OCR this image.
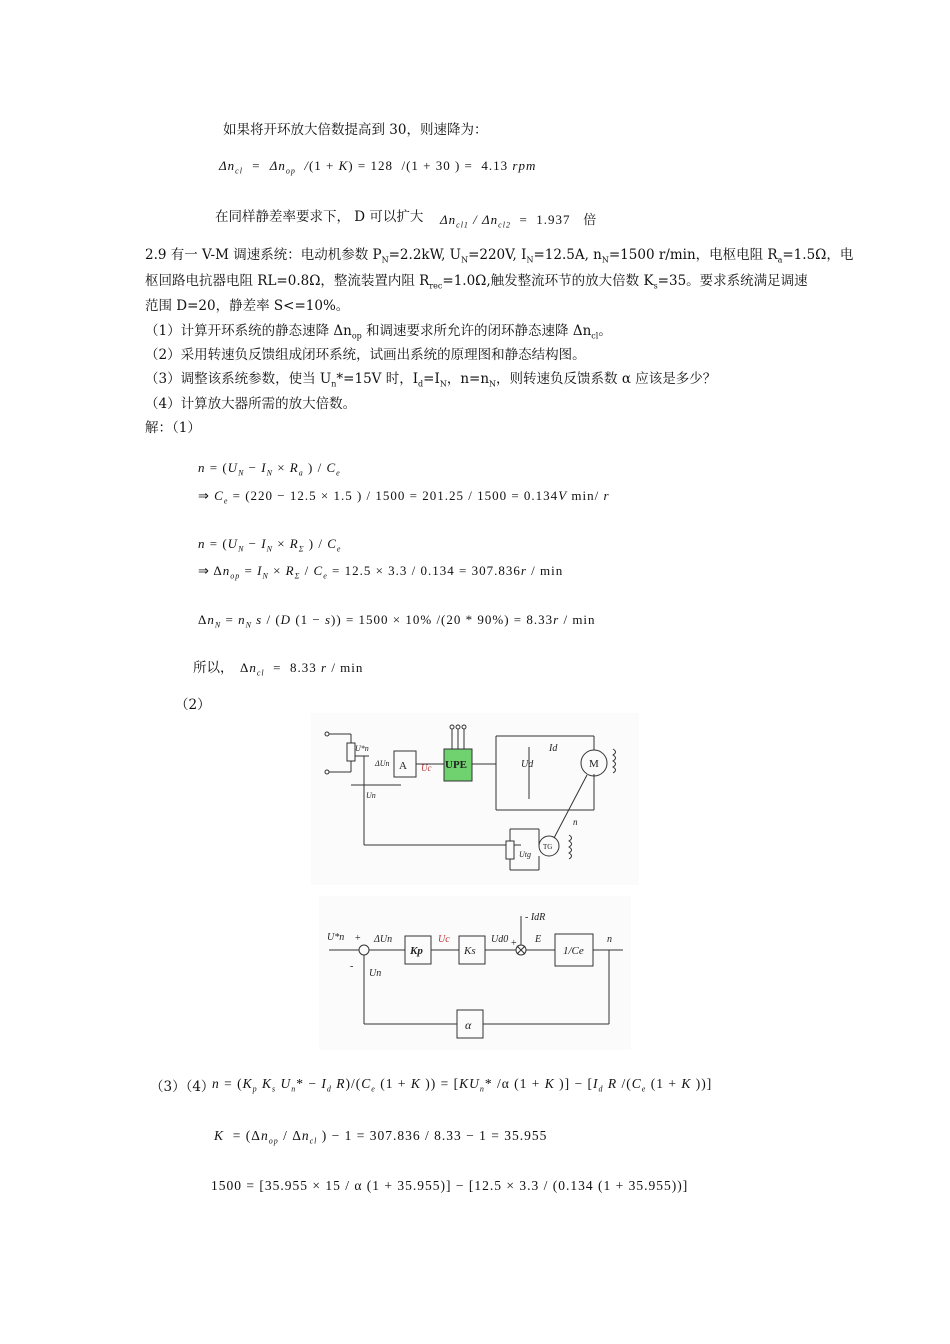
如果将开环放大倍数提高到 30，则速降为：
$\Delta n_{cl} = \Delta n_{op}$  /(1 + K) = 128  /(1 + 30 ) =  4.13 rpm
在同样静差率要求下， D 可以扩大 $\Delta n_{cl1} / \Delta n_{cl2} = 1.937$   倍
2.9 有一 V-M 调速系统：电动机参数 $P_N=2.2kW$, $U_N=220V$, $I_N=12.5A$, $n_N=1500$ r/min，电枢电阻 $R_a=1.5\Omega$，电
枢回路电抗器电阻 RL=0.8Ω，整流装置内阻 $R_{rec}=1.0\Omega$,触发整流环节的放大倍数 $K_s=35$。要求系统满足调速
范围 D=20，静差率 S<=10%。
（1）计算开环系统的静态速降 $\Delta n_{op}$ 和调速要求所允许的闭环静态速降 $\Delta n_{cl}$。
（2）采用转速负反馈组成闭环系统，试画出系统的原理图和静态结构图。
（3）调整该系统参数，使当 $U_n*=15V$ 时，$I_d=I_N$，$n=n_N$，则转速负反馈系数 α 应该是多少？
（4）计算放大器所需的放大倍数。
解：（1）
$n = (U_N - I_N \times R_a$ ) / $C_e$
⇒ $C_e = (220 - 12.5 \times 1.5$ ) / 1500 = 201.25 / 1500 = 0.134V min/ r
$n = (U_N - I_N \times R_\Sigma$ ) / $C_e$
⇒ $\Delta n_{op} = I_N \times R_\Sigma / C_e = 12.5 \times 3.3 / 0.134 = 307.836r / \min$
$\Delta n_N = n_N$ s / (D (1 − s)) = 1500 × 10% /(20 * 90%) = 8.33r / min
所以， $\Delta n_{cl} = 8.33$ r / min
（2）
A	UPE	M
TG
Id
Ud
Utg
U*n
ΔUn	Uc
Un
n
U*n + ΔUn
-
Kp
Uc
Ks
Ud0 +
- IdR
E
1/Ce
n
Un
α
（3）（4）
$n = (K_p$ $K_s$ $U_n* - I_d$ $R)/(C_e$ (1 + K )) = [$KU_n*$ /α (1 + K )] − [$I_d$ R $/(C_e$ (1 + K ))]
$K = (\Delta n_{op} / \Delta n_{cl}$ ) − 1 = 307.836 / 8.33 − 1 = 35.955
1500 = [35.955 × 15 / α (1 + 35.955)] − [12.5 × 3.3 / (0.134 (1 + 35.955))]
